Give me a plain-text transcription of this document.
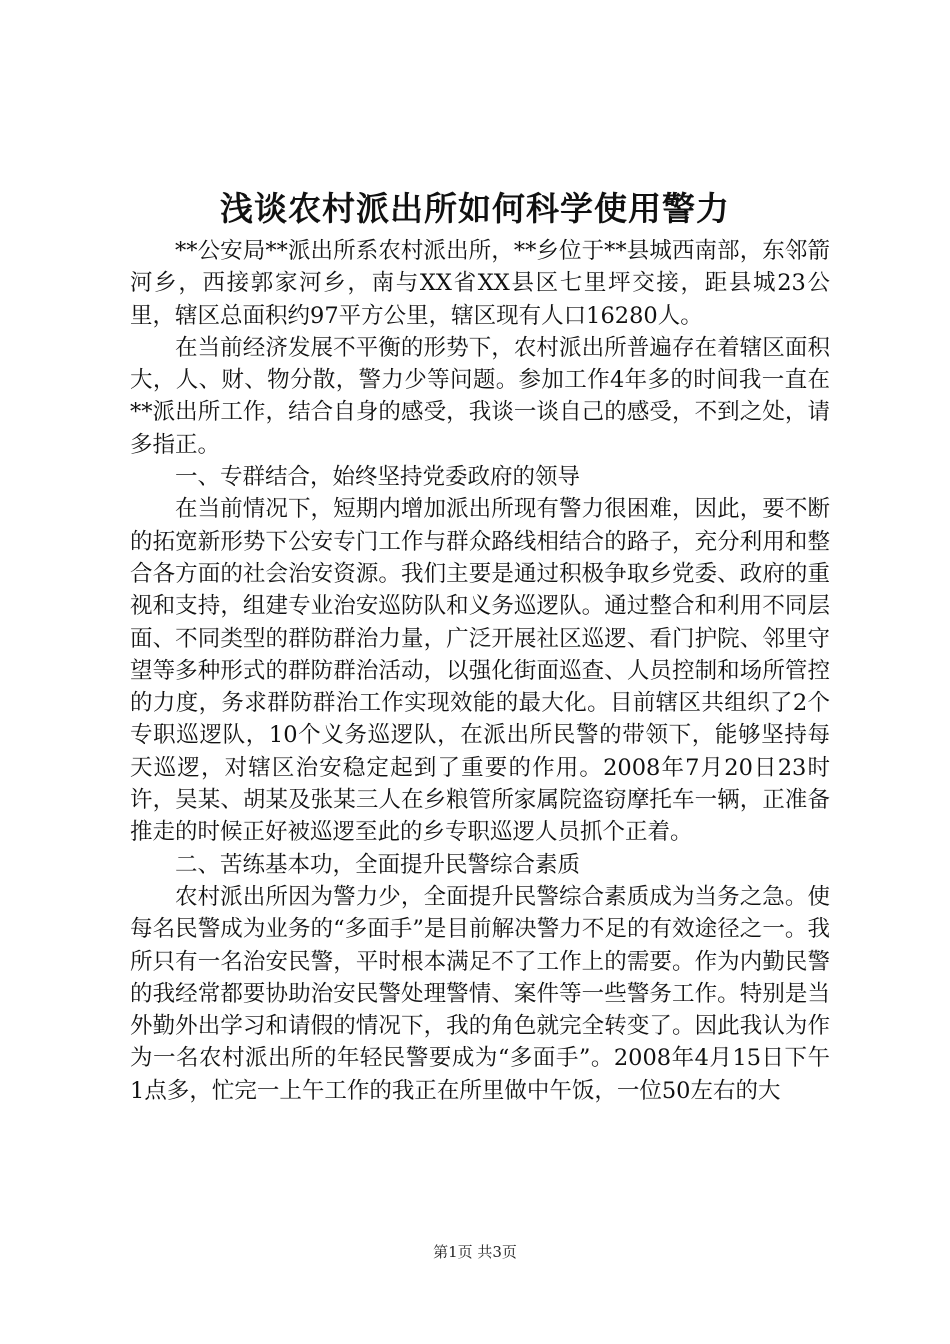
浅谈农村派出所如何科学使用警力

**公安局**派出所系农村派出所，**乡位于**县城西南部，东邻箭河乡，西接郭家河乡，南与XX省XX县区七里坪交接，距县城23公里，辖区总面积约97平方公里，辖区现有人口16280人。

在当前经济发展不平衡的形势下，农村派出所普遍存在着辖区面积大，人、财、物分散，警力少等问题。参加工作4年多的时间我一直在**派出所工作，结合自身的感受，我谈一谈自己的感受，不到之处，请多指正。

一、专群结合，始终坚持党委政府的领导

在当前情况下，短期内增加派出所现有警力很困难，因此，要不断的拓宽新形势下公安专门工作与群众路线相结合的路子，充分利用和整合各方面的社会治安资源。我们主要是通过积极争取乡党委、政府的重视和支持，组建专业治安巡防队和义务巡逻队。通过整合和利用不同层面、不同类型的群防群治力量，广泛开展社区巡逻、看门护院、邻里守望等多种形式的群防群治活动，以强化街面巡查、人员控制和场所管控的力度，务求群防群治工作实现效能的最大化。目前辖区共组织了2个专职巡逻队，10个义务巡逻队，在派出所民警的带领下，能够坚持每天巡逻，对辖区治安稳定起到了重要的作用。2008年7月20日23时许，吴某、胡某及张某三人在乡粮管所家属院盗窃摩托车一辆，正准备推走的时候正好被巡逻至此的乡专职巡逻人员抓个正着。

二、苦练基本功，全面提升民警综合素质

农村派出所因为警力少，全面提升民警综合素质成为当务之急。使每名民警成为业务的“多面手”是目前解决警力不足的有效途径之一。我所只有一名治安民警，平时根本满足不了工作上的需要。作为内勤民警的我经常都要协助治安民警处理警情、案件等一些警务工作。特别是当外勤外出学习和请假的情况下，我的角色就完全转变了。因此我认为作为一名农村派出所的年轻民警要成为“多面手”。2008年4月15日下午1点多，忙完一上午工作的我正在所里做中午饭，一位50左右的大

第1页 共3页
